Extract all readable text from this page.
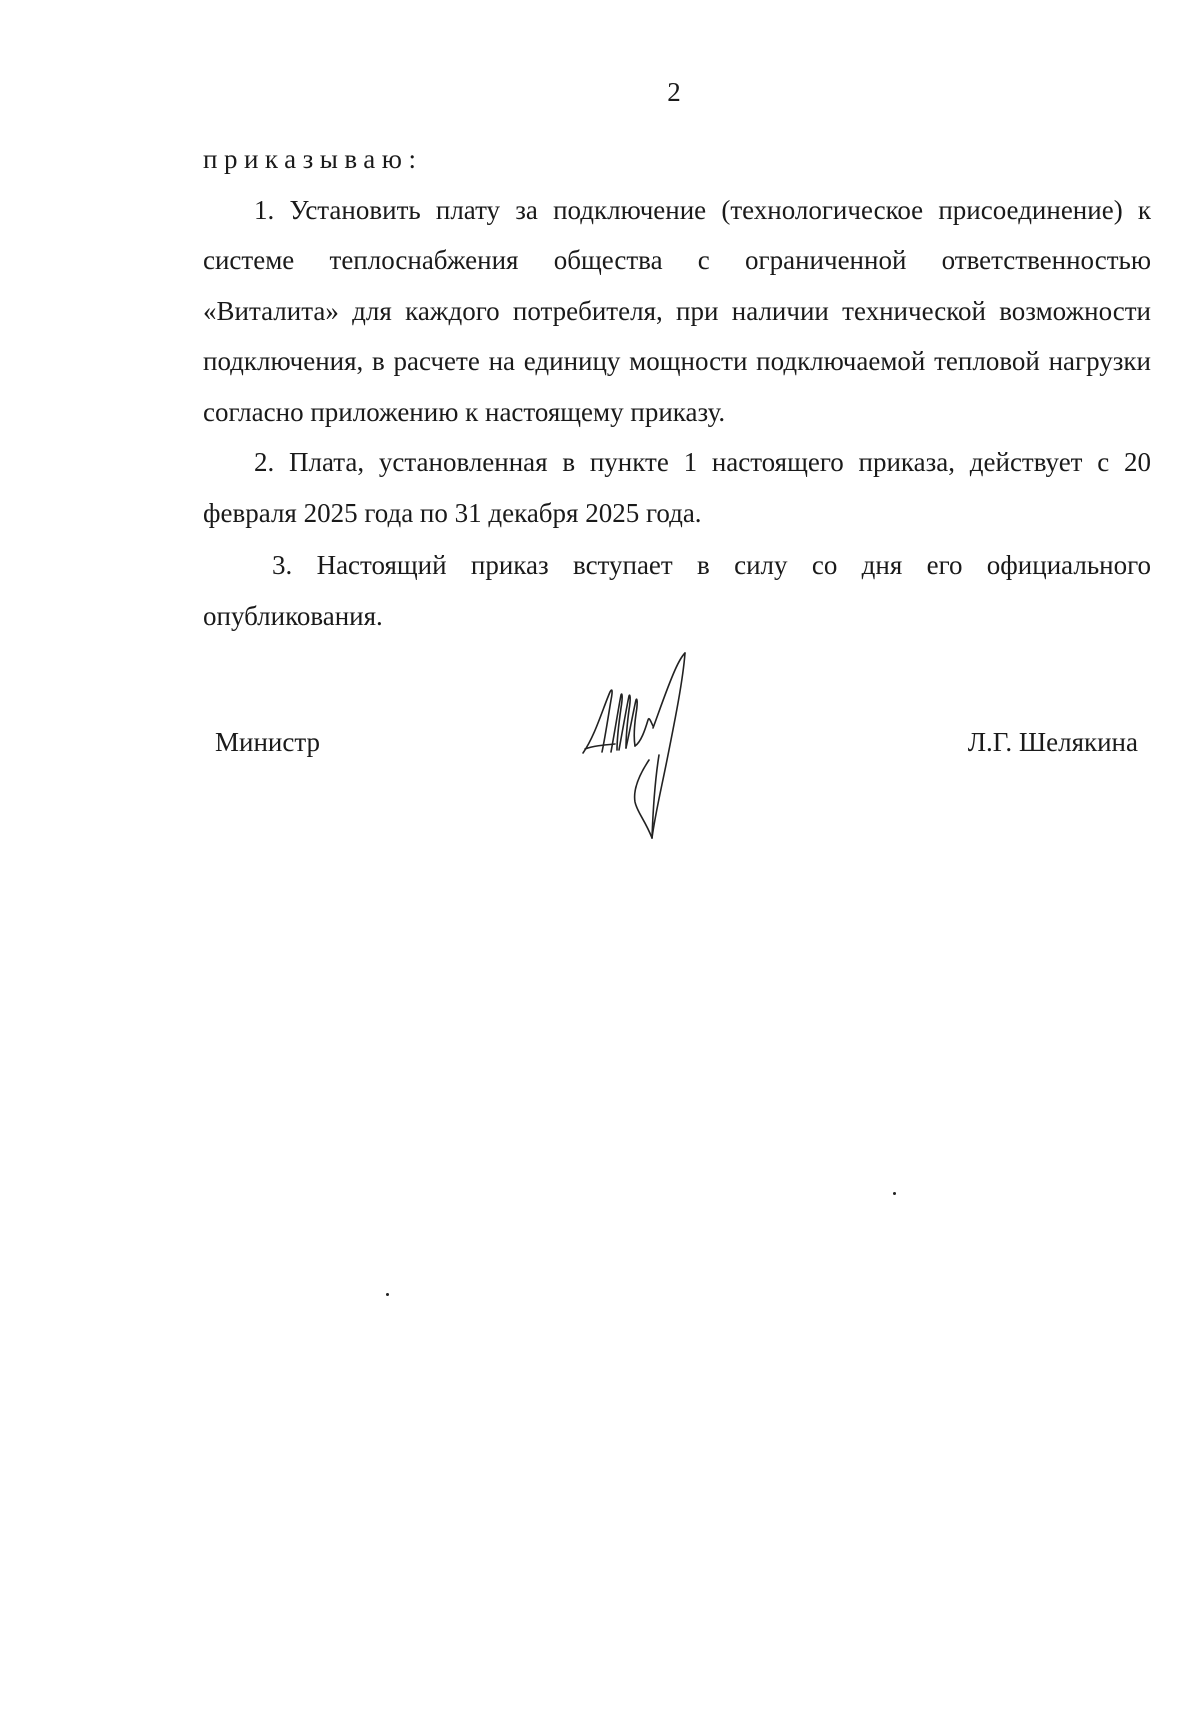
2

приказываю:

1. Установить плату за подключение (технологическое присоединение) к системе теплоснабжения общества с ограниченной ответственностью «Виталита» для каждого потребителя, при наличии технической возможности подключения, в расчете на единицу мощности подключаемой тепловой нагрузки согласно приложению к настоящему приказу.

2. Плата, установленная в пункте 1 настоящего приказа, действует с 20 февраля 2025 года по 31 декабря 2025 года.

3. Настоящий приказ вступает в силу со дня его официального опубликования.

Министр	Л.Г. Шелякина
